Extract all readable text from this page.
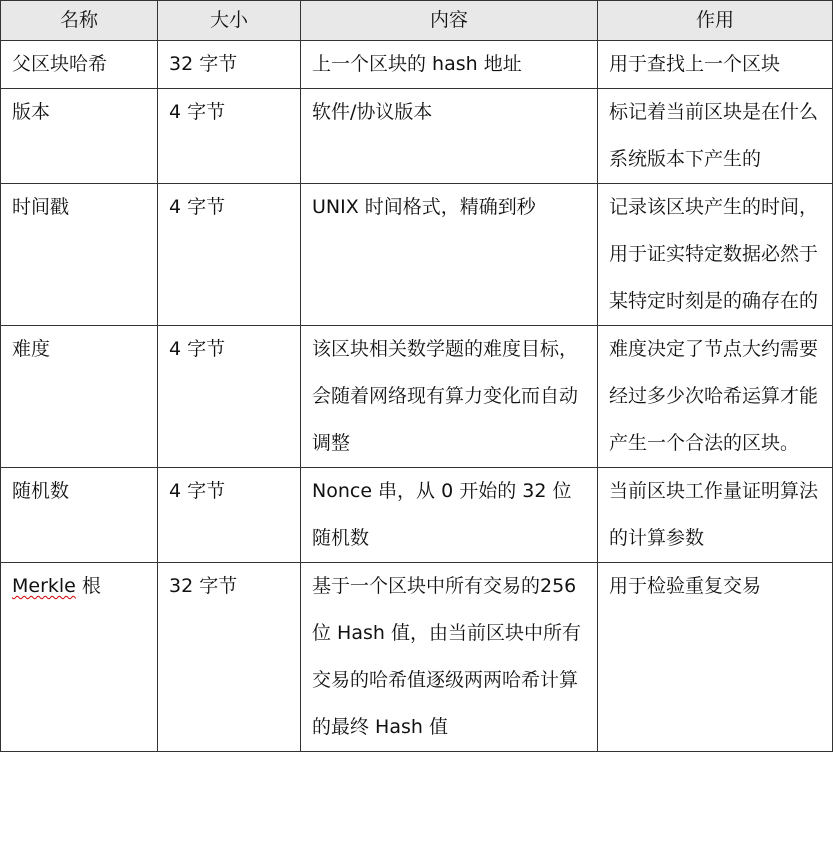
名称	大小	内容	作用
父区块哈希	32 字节	上一个区块的 hash 地址	用于查找上一个区块
版本	4 字节	软件/协议版本	标记着当前区块是在什么系统版本下产生的
时间戳	4 字节	UNIX 时间格式，精确到秒	记录该区块产生的时间，用于证实特定数据必然于某特定时刻是的确存在的
难度	4 字节	该区块相关数学题的难度目标，会随着网络现有算力变化而自动调整	难度决定了节点大约需要经过多少次哈希运算才能产生一个合法的区块。
随机数	4 字节	Nonce 串，从 0 开始的 32 位随机数	当前区块工作量证明算法的计算参数
Merkle 根	32 字节	基于一个区块中所有交易的256 位 Hash 值，由当前区块中所有交易的哈希值逐级两两哈希计算的最终 Hash 值	用于检验重复交易
